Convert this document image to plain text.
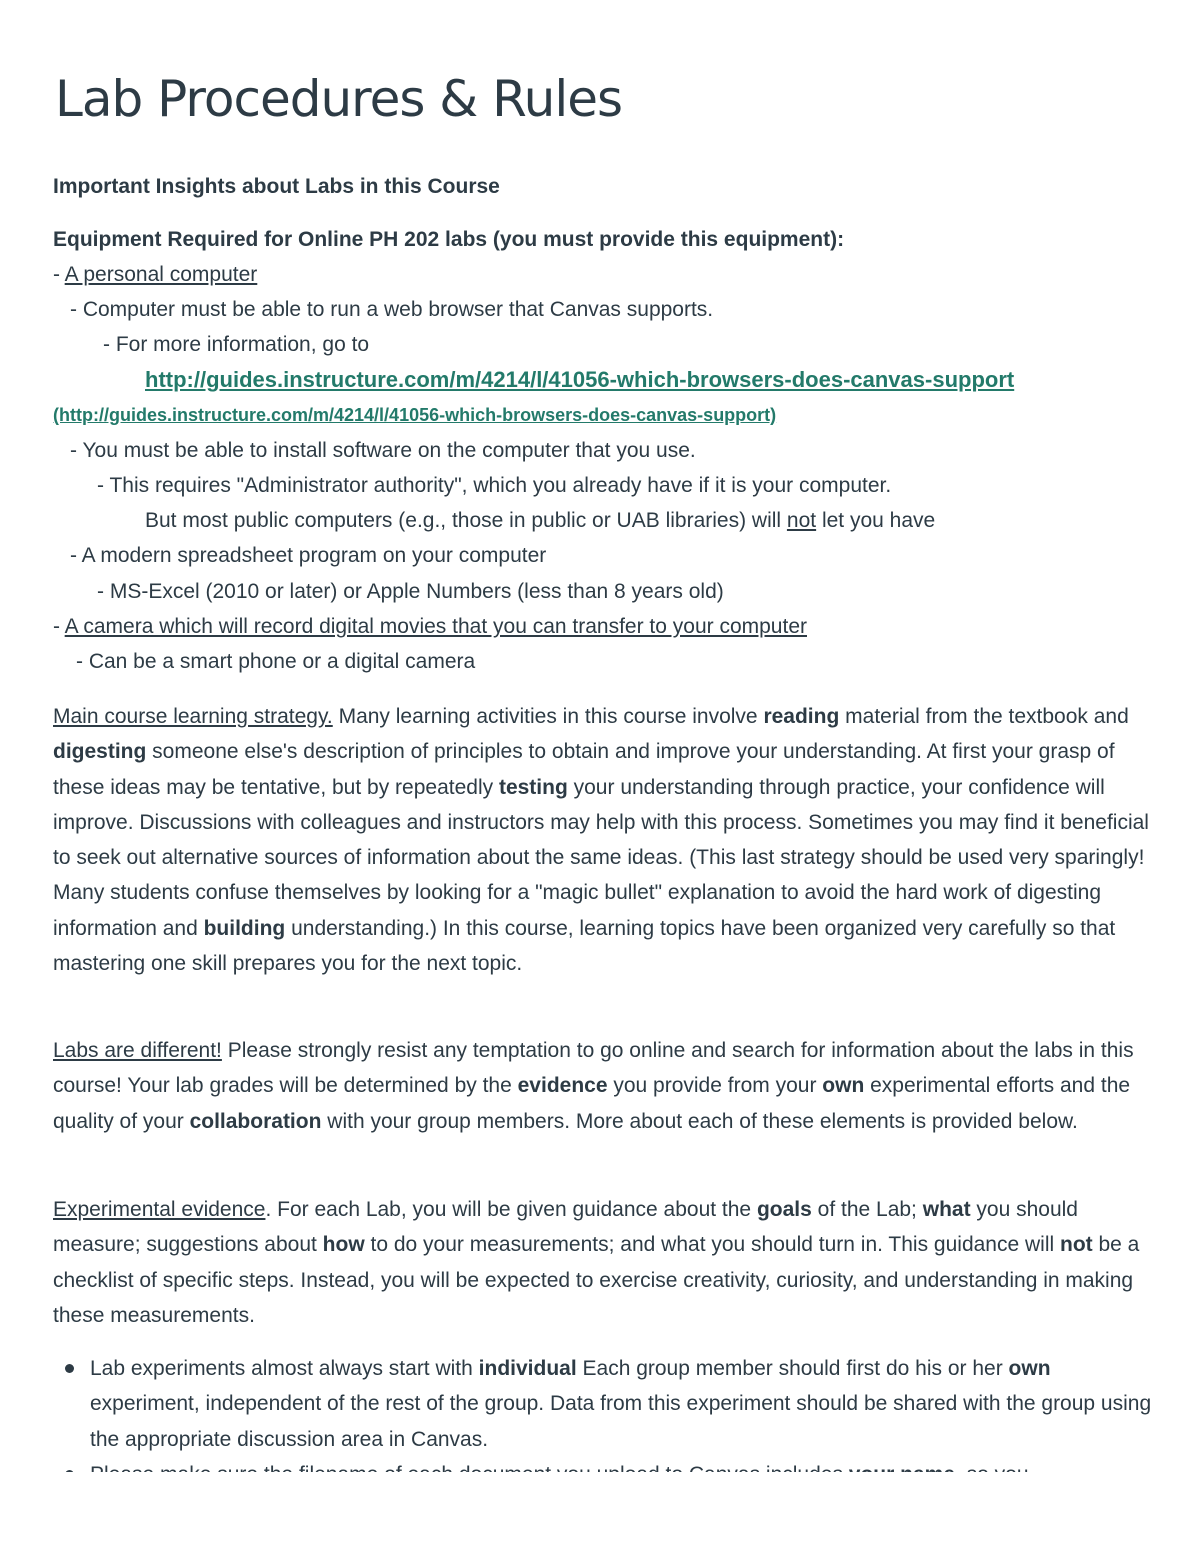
Lab Procedures & Rules
Important Insights about Labs in this Course
Equipment Required for Online PH 202 labs (you must provide this equipment):
- A personal computer
- Computer must be able to run a web browser that Canvas supports.
- For more information, go to
http://guides.instructure.com/m/4214/l/41056-which-browsers-does-canvas-support
(http://guides.instructure.com/m/4214/l/41056-which-browsers-does-canvas-support)
- You must be able to install software on the computer that you use.
- This requires "Administrator authority", which you already have if it is your computer.
But most public computers (e.g., those in public or UAB libraries) will not let you have
- A modern spreadsheet program on your computer
- MS-Excel (2010 or later) or Apple Numbers (less than 8 years old)
- A camera which will record digital movies that you can transfer to your computer
- Can be a smart phone or a digital camera

Main course learning strategy. Many learning activities in this course involve reading material from the textbook and digesting someone else's description of principles to obtain and improve your understanding. At first your grasp of these ideas may be tentative, but by repeatedly testing your understanding through practice, your confidence will improve. Discussions with colleagues and instructors may help with this process. Sometimes you may find it beneficial to seek out alternative sources of information about the same ideas. (This last strategy should be used very sparingly! Many students confuse themselves by looking for a "magic bullet" explanation to avoid the hard work of digesting information and building understanding.) In this course, learning topics have been organized very carefully so that mastering one skill prepares you for the next topic.

Labs are different! Please strongly resist any temptation to go online and search for information about the labs in this course! Your lab grades will be determined by the evidence you provide from your own experimental efforts and the quality of your collaboration with your group members. More about each of these elements is provided below.

Experimental evidence. For each Lab, you will be given guidance about the goals of the Lab; what you should measure; suggestions about how to do your measurements; and what you should turn in. This guidance will not be a checklist of specific steps. Instead, you will be expected to exercise creativity, curiosity, and understanding in making these measurements.

Lab experiments almost always start with individual Each group member should first do his or her own experiment, independent of the rest of the group. Data from this experiment should be shared with the group using the appropriate discussion area in Canvas.
